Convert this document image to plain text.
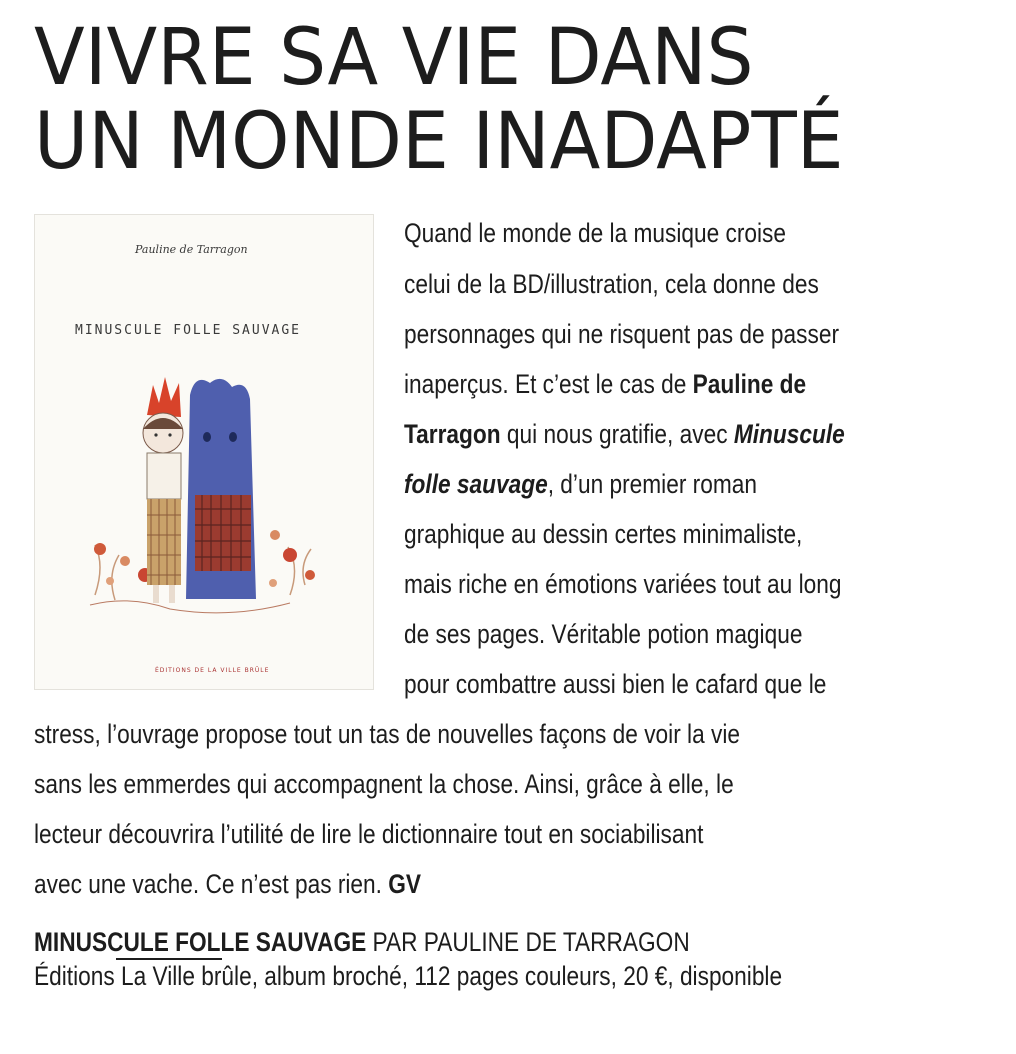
VIVRE SA VIE DANS
UN MONDE INADAPTÉ
Pauline de Tarragon
MINUSCULE FOLLE SAUVAGE
ÉDITIONS DE LA VILLE BRÛLE
Quand le monde de la musique croise
celui de la BD/illustration, cela donne des
personnages qui ne risquent pas de passer
inaperçus. Et c’est le cas de Pauline de
Tarragon qui nous gratifie, avec Minuscule
folle sauvage, d’un premier roman
graphique au dessin certes minimaliste,
mais riche en émotions variées tout au long
de ses pages. Véritable potion magique
pour combattre aussi bien le cafard que le
stress, l’ouvrage propose tout un tas de nouvelles façons de voir la vie
sans les emmerdes qui accompagnent la chose. Ainsi, grâce à elle, le
lecteur découvrira l’utilité de lire le dictionnaire tout en sociabilisant
avec une vache. Ce n’est pas rien. GV
MINUSCULE FOLLE SAUVAGE PAR PAULINE DE TARRAGON
Éditions La Ville brûle, album broché, 112 pages couleurs, 20 €, disponible
